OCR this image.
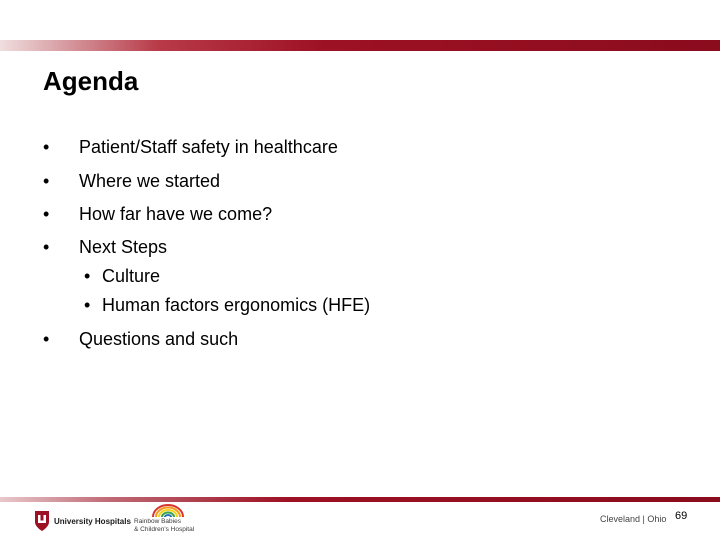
Agenda
• Patient/Staff safety in healthcare
• Where we started
• How far have we come?
• Next Steps
• Culture
• Human factors ergonomics (HFE)
• Questions and such
University Hospitals Rainbow Babies
& Children's Hospital
Cleveland | Ohio 69
